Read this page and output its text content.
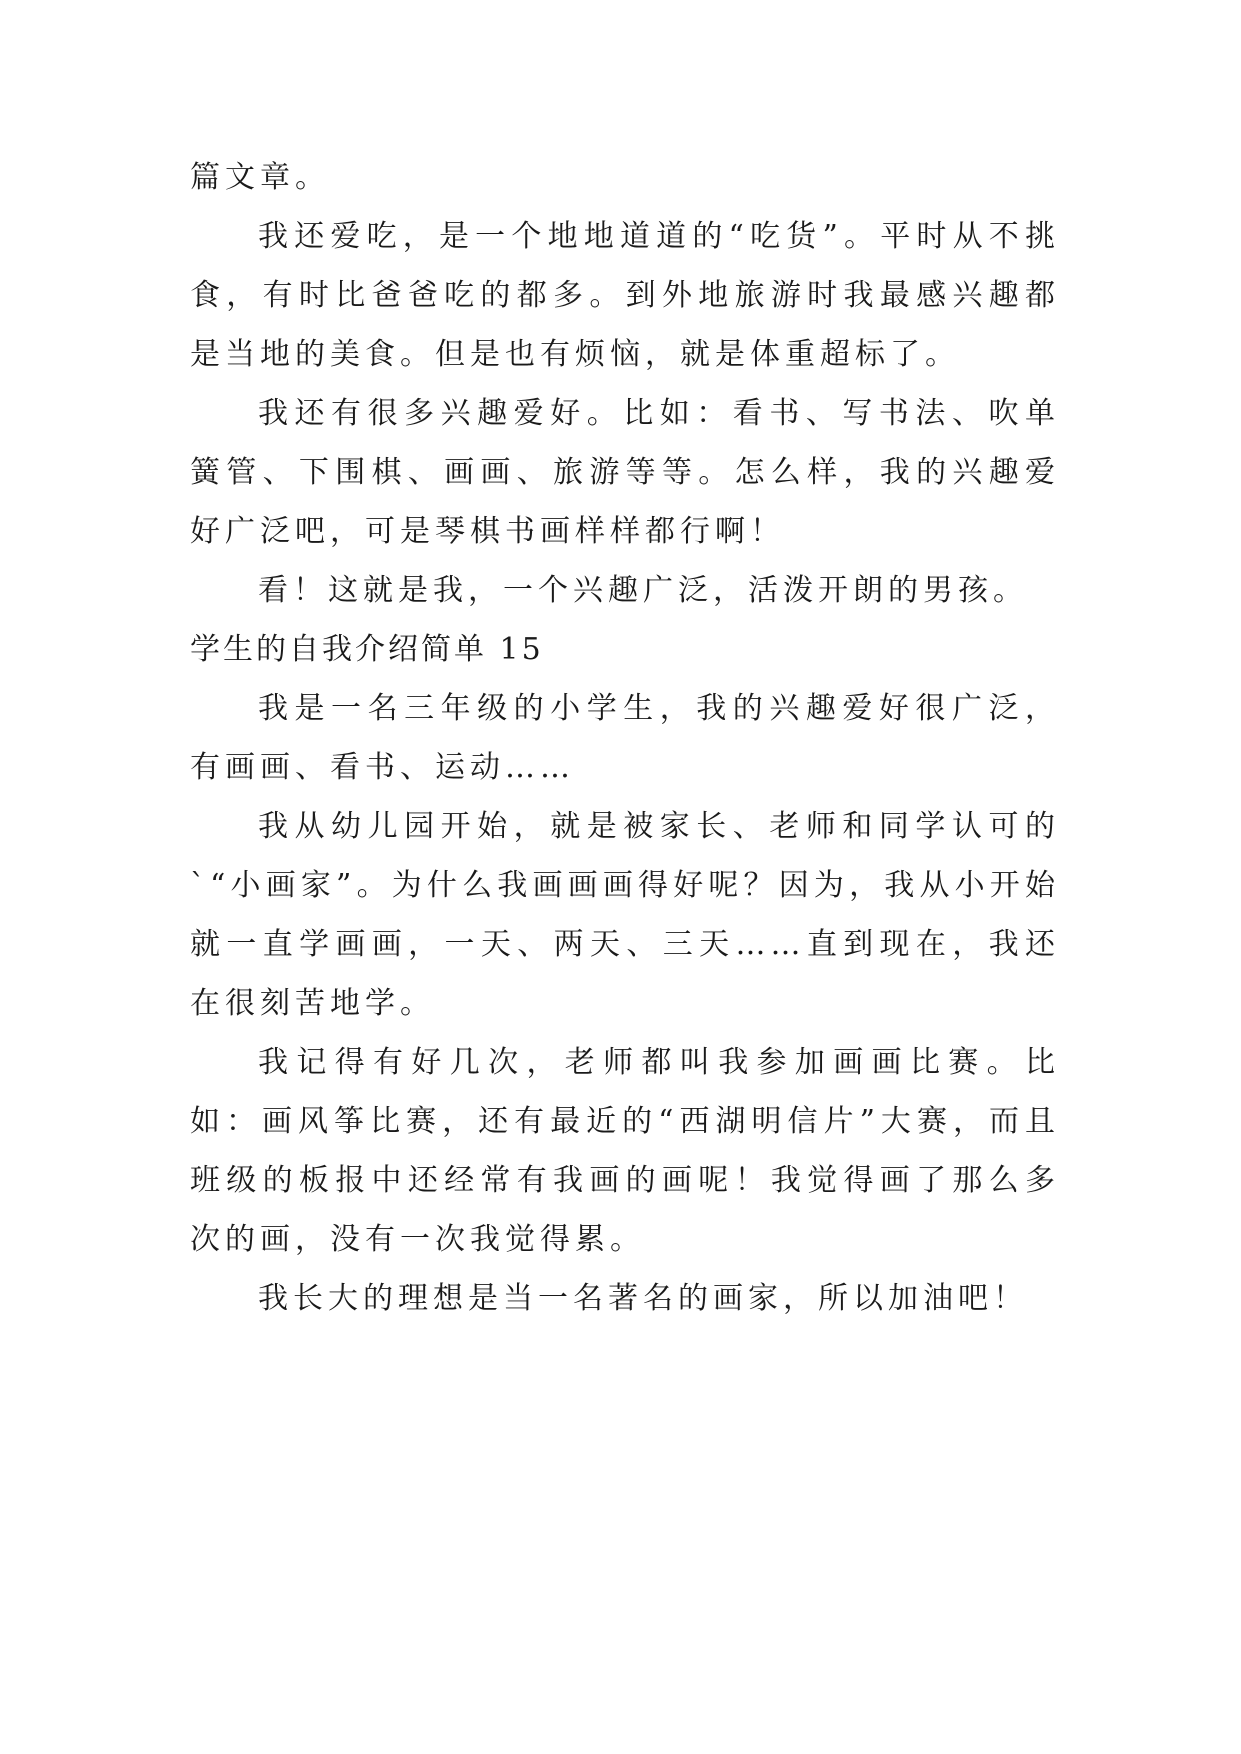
篇文章。

我还爱吃，是一个地地道道的“吃货”。平时从不挑食，有时比爸爸吃的都多。到外地旅游时我最感兴趣都是当地的美食。但是也有烦恼，就是体重超标了。

我还有很多兴趣爱好。比如：看书、写书法、吹单簧管、下围棋、画画、旅游等等。怎么样，我的兴趣爱好广泛吧，可是琴棋书画样样都行啊！

看！这就是我，一个兴趣广泛，活泼开朗的男孩。

学生的自我介绍简单 15

我是一名三年级的小学生，我的兴趣爱好很广泛，有画画、看书、运动……

我从幼儿园开始，就是被家长、老师和同学认可的`“小画家”。为什么我画画画得好呢？因为，我从小开始就一直学画画，一天、两天、三天……直到现在，我还在很刻苦地学。

我记得有好几次，老师都叫我参加画画比赛。比如：画风筝比赛，还有最近的“西湖明信片”大赛，而且班级的板报中还经常有我画的画呢！我觉得画了那么多次的画，没有一次我觉得累。

我长大的理想是当一名著名的画家，所以加油吧！
